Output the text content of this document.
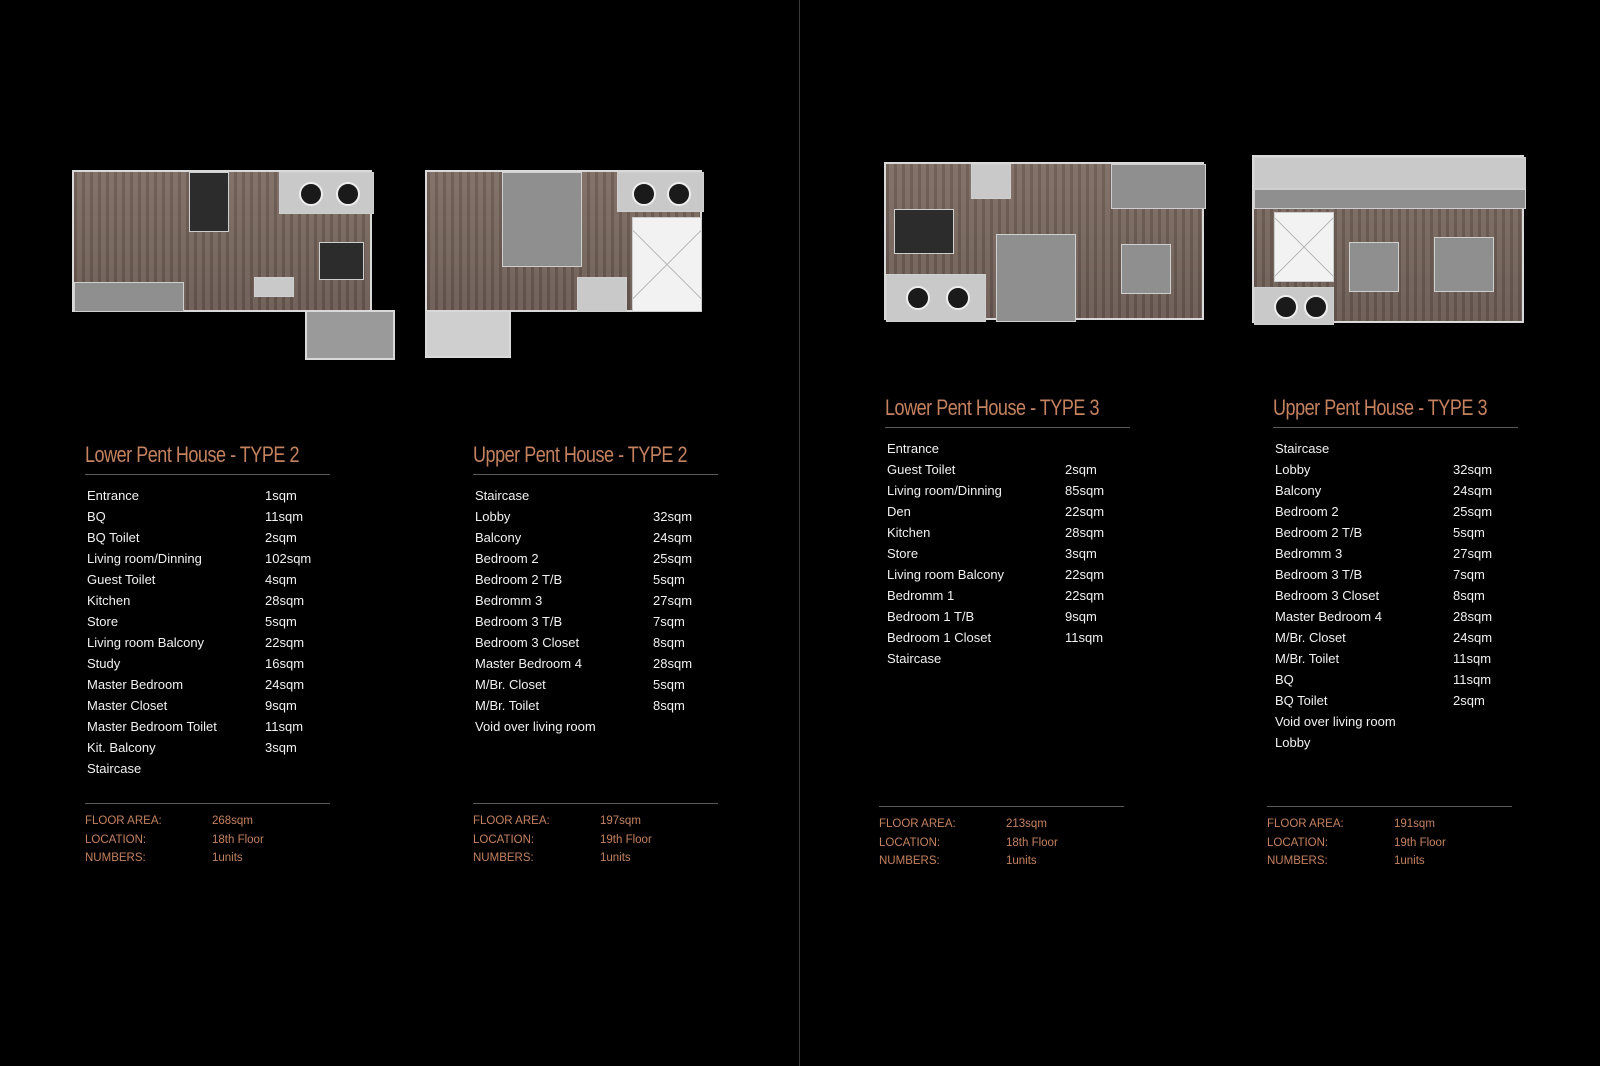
Lower Pent House - TYPE 2
Entrance	1sqm
BQ	11sqm
BQ Toilet	2sqm
Living room/Dinning	102sqm
Guest Toilet	4sqm
Kitchen	28sqm
Store	5sqm
Living room Balcony	22sqm
Study	16sqm
Master Bedroom	24sqm
Master Closet	9sqm
Master Bedroom Toilet	11sqm
Kit. Balcony	3sqm
Staircase
FLOOR AREA:	268sqm
LOCATION:	18th Floor
NUMBERS:	1units
Upper Pent House - TYPE 2
Staircase
Lobby	32sqm
Balcony	24sqm
Bedroom 2	25sqm
Bedroom 2 T/B	5sqm
Bedromm 3	27sqm
Bedroom 3 T/B	7sqm
Bedroom 3 Closet	8sqm
Master Bedroom 4	28sqm
M/Br. Closet	5sqm
M/Br. Toilet	8sqm
Void over living room
FLOOR AREA:	197sqm
LOCATION:	19th Floor
NUMBERS:	1units
Lower Pent House - TYPE 3
Entrance
Guest Toilet	2sqm
Living room/Dinning	85sqm
Den	22sqm
Kitchen	28sqm
Store	3sqm
Living room Balcony	22sqm
Bedromm 1	22sqm
Bedroom 1 T/B	9sqm
Bedroom 1 Closet	11sqm
Staircase
FLOOR AREA:	213sqm
LOCATION:	18th Floor
NUMBERS:	1units
Upper Pent House - TYPE 3
Staircase
Lobby	32sqm
Balcony	24sqm
Bedroom 2	25sqm
Bedroom 2 T/B	5sqm
Bedromm 3	27sqm
Bedroom 3 T/B	7sqm
Bedroom 3 Closet	8sqm
Master Bedroom 4	28sqm
M/Br. Closet	24sqm
M/Br. Toilet	11sqm
BQ	11sqm
BQ Toilet	2sqm
Void over living room
Lobby
FLOOR AREA:	191sqm
LOCATION:	19th Floor
NUMBERS:	1units
